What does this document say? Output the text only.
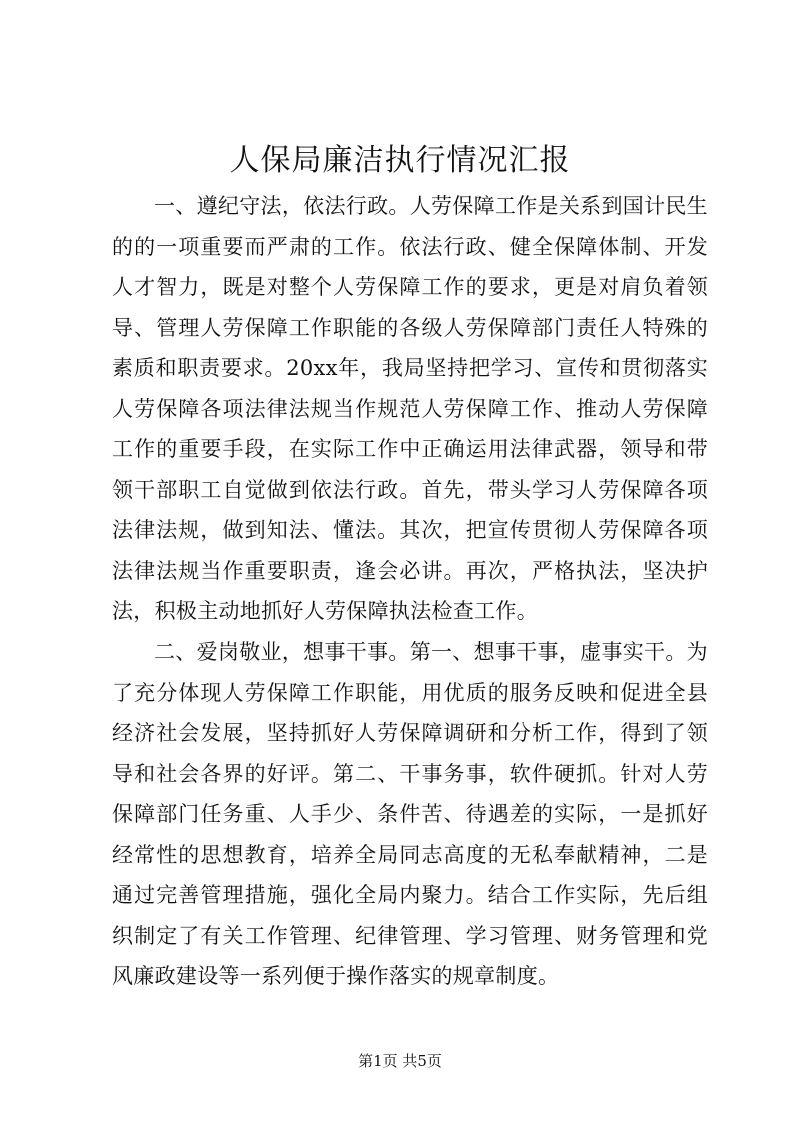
人保局廉洁执行情况汇报

一、遵纪守法，依法行政。人劳保障工作是关系到国计民生的的一项重要而严肃的工作。依法行政、健全保障体制、开发人才智力，既是对整个人劳保障工作的要求，更是对肩负着领导、管理人劳保障工作职能的各级人劳保障部门责任人特殊的素质和职责要求。20xx年，我局坚持把学习、宣传和贯彻落实人劳保障各项法律法规当作规范人劳保障工作、推动人劳保障工作的重要手段，在实际工作中正确运用法律武器，领导和带领干部职工自觉做到依法行政。首先，带头学习人劳保障各项法律法规，做到知法、懂法。其次，把宣传贯彻人劳保障各项法律法规当作重要职责，逢会必讲。再次，严格执法，坚决护法，积极主动地抓好人劳保障执法检查工作。

二、爱岗敬业，想事干事。第一、想事干事，虚事实干。为了充分体现人劳保障工作职能，用优质的服务反映和促进全县经济社会发展，坚持抓好人劳保障调研和分析工作，得到了领导和社会各界的好评。第二、干事务事，软件硬抓。针对人劳保障部门任务重、人手少、条件苦、待遇差的实际，一是抓好经常性的思想教育，培养全局同志高度的无私奉献精神，二是通过完善管理措施，强化全局内聚力。结合工作实际，先后组织制定了有关工作管理、纪律管理、学习管理、财务管理和党风廉政建设等一系列便于操作落实的规章制度。

第1页 共5页
